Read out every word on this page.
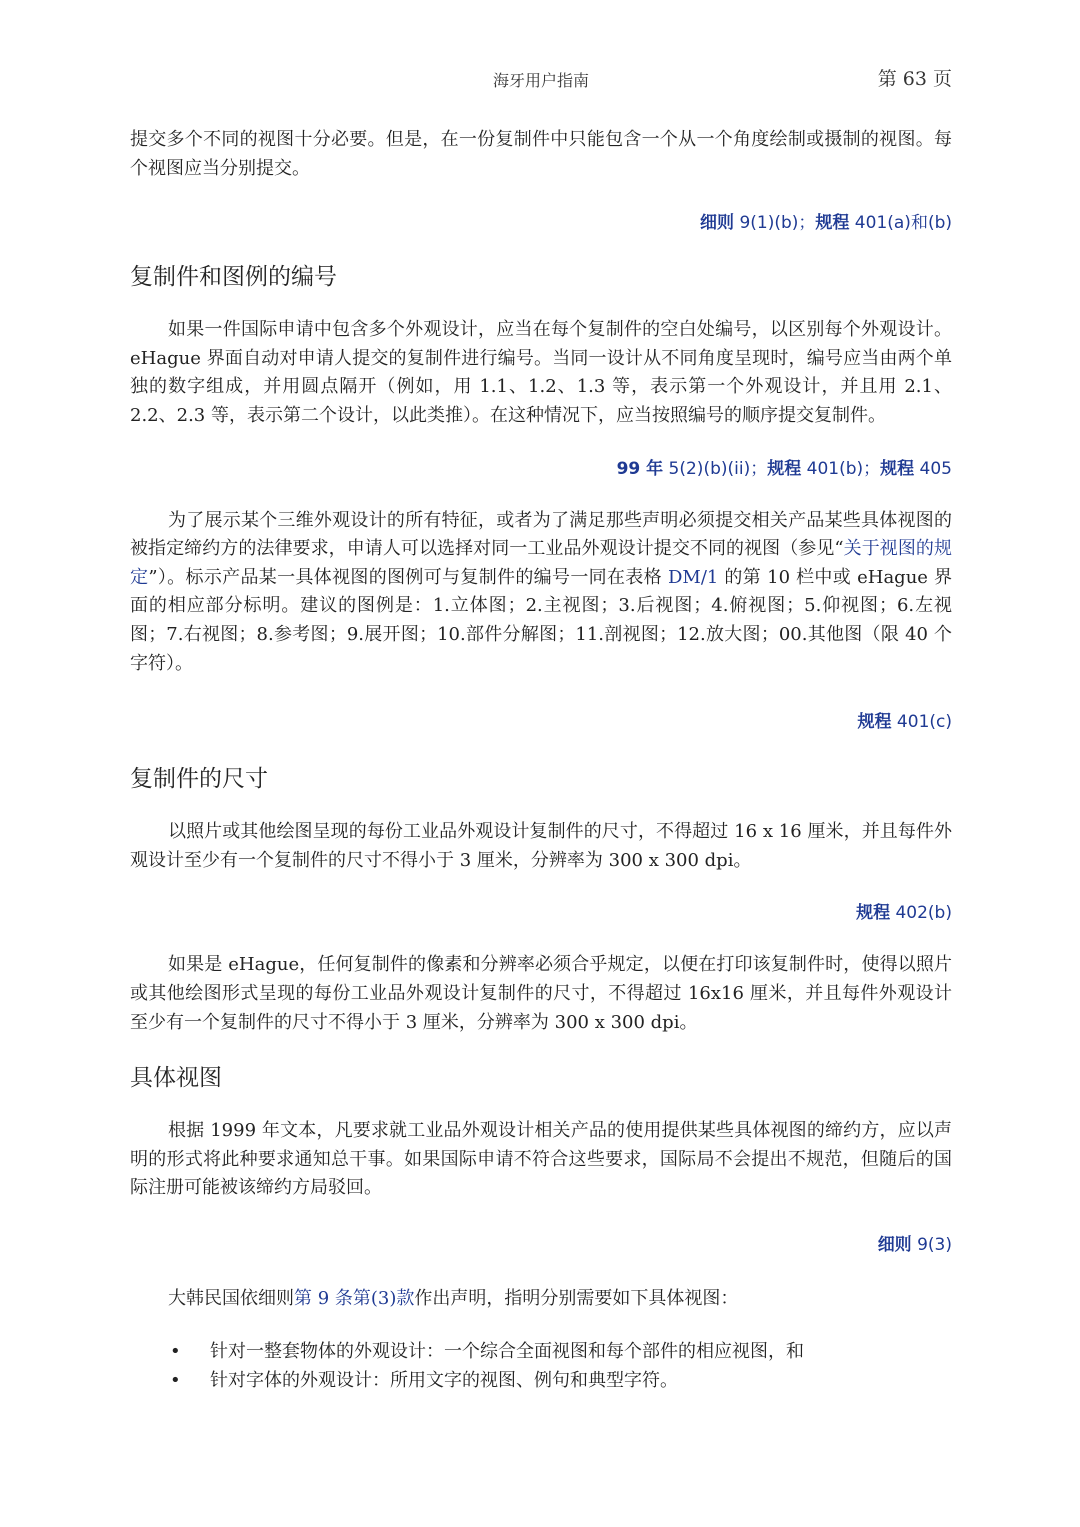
海牙用户指南	第 63 页

提交多个不同的视图十分必要。但是，在一份复制件中只能包含一个从一个角度绘制或摄制的视图。每个视图应当分别提交。

细则 9(1)(b)；规程 401(a)和(b)

复制件和图例的编号

如果一件国际申请中包含多个外观设计，应当在每个复制件的空白处编号，以区别每个外观设计。eHague 界面自动对申请人提交的复制件进行编号。当同一设计从不同角度呈现时，编号应当由两个单独的数字组成，并用圆点隔开（例如，用 1.1、1.2、1.3 等，表示第一个外观设计，并且用 2.1、2.2、2.3 等，表示第二个设计，以此类推）。在这种情况下，应当按照编号的顺序提交复制件。

99 年 5(2)(b)(ii)；规程 401(b)；规程 405

为了展示某个三维外观设计的所有特征，或者为了满足那些声明必须提交相关产品某些具体视图的被指定缔约方的法律要求，申请人可以选择对同一工业品外观设计提交不同的视图（参见“关于视图的规定”）。标示产品某一具体视图的图例可与复制件的编号一同在表格 DM/1 的第 10 栏中或 eHague 界面的相应部分标明。建议的图例是：1.立体图；2.主视图；3.后视图；4.俯视图；5.仰视图；6.左视图；7.右视图；8.参考图；9.展开图；10.部件分解图；11.剖视图；12.放大图；00.其他图（限 40 个字符）。

规程 401(c)

复制件的尺寸

以照片或其他绘图呈现的每份工业品外观设计复制件的尺寸，不得超过 16 x 16 厘米，并且每件外观设计至少有一个复制件的尺寸不得小于 3 厘米，分辨率为 300 x 300 dpi。

规程 402(b)

如果是 eHague，任何复制件的像素和分辨率必须合乎规定，以便在打印该复制件时，使得以照片或其他绘图形式呈现的每份工业品外观设计复制件的尺寸，不得超过 16x16 厘米，并且每件外观设计至少有一个复制件的尺寸不得小于 3 厘米，分辨率为 300 x 300 dpi。

具体视图

根据 1999 年文本，凡要求就工业品外观设计相关产品的使用提供某些具体视图的缔约方，应以声明的形式将此种要求通知总干事。如果国际申请不符合这些要求，国际局不会提出不规范，但随后的国际注册可能被该缔约方局驳回。

细则 9(3)

大韩民国依细则第 9 条第(3)款作出声明，指明分别需要如下具体视图：

• 针对一整套物体的外观设计：一个综合全面视图和每个部件的相应视图，和
• 针对字体的外观设计：所用文字的视图、例句和典型字符。
